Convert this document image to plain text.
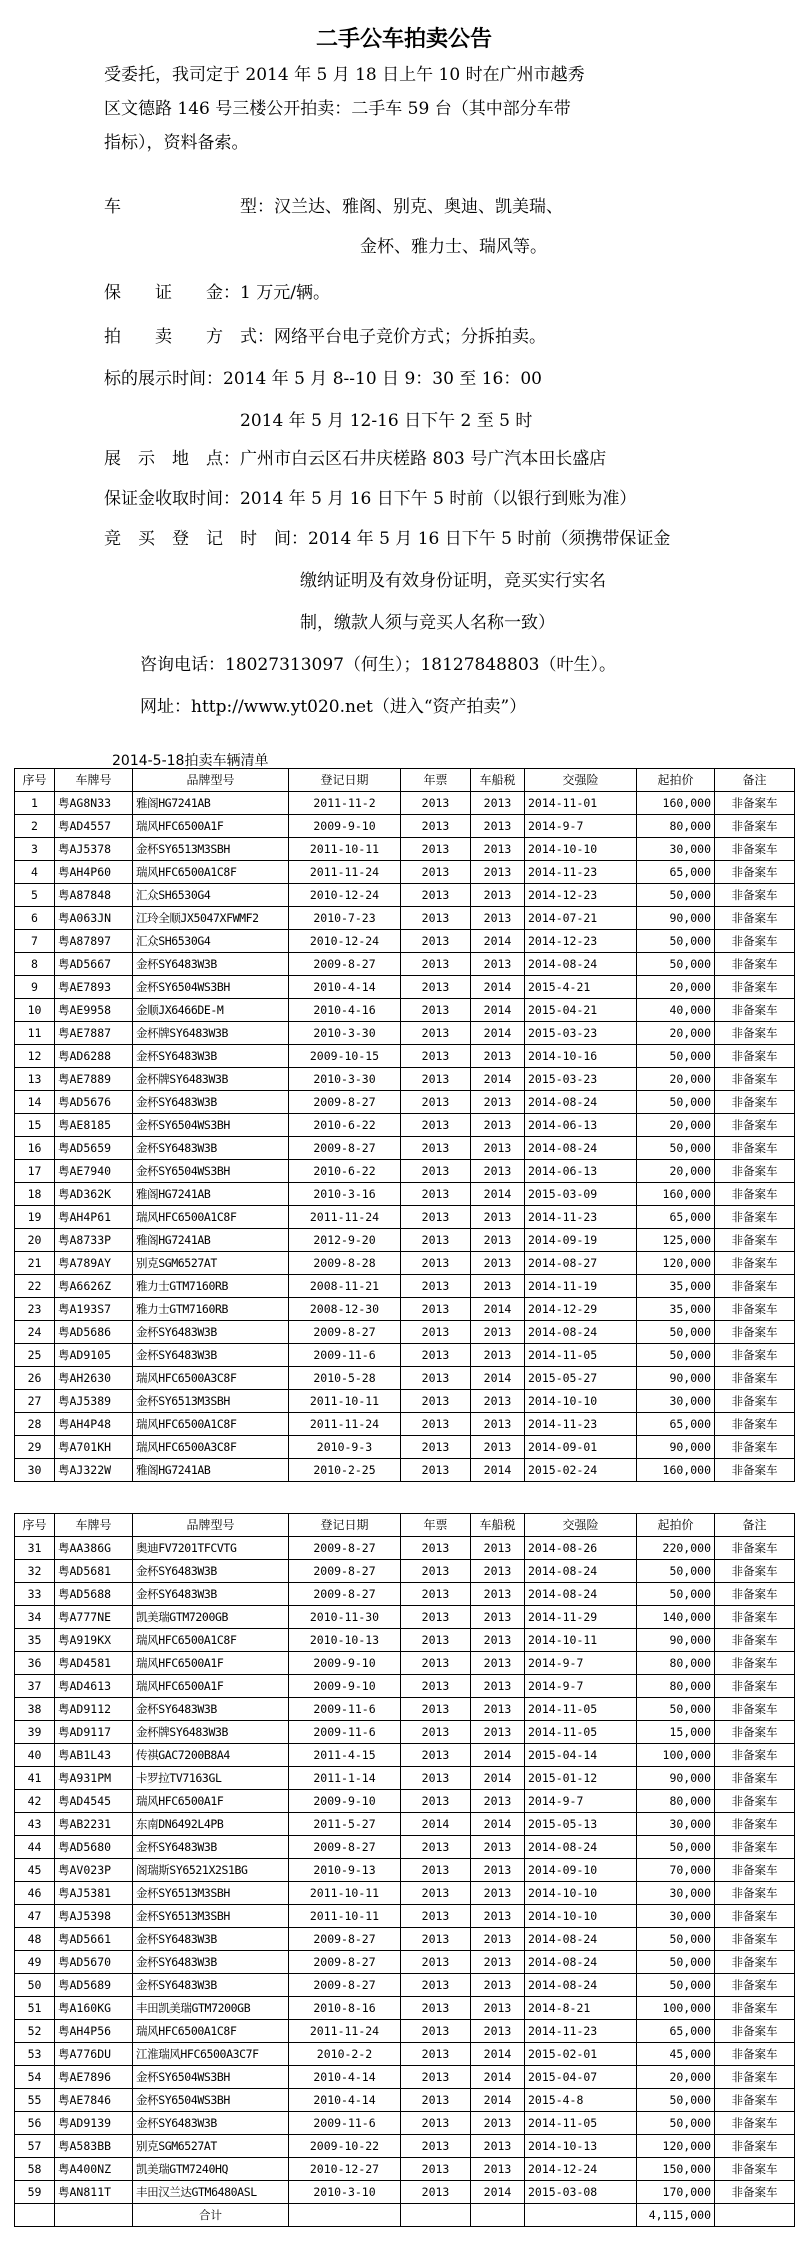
二手公车拍卖公告

受委托，我司定于 2014 年 5 月 18 日上午 10 时在广州市越秀

区文德路 146 号三楼公开拍卖：二手车 59 台（其中部分车带

指标），资料备索。

车　　　　　　　型：汉兰达、雅阁、别克、奥迪、凯美瑞、

金杯、雅力士、瑞风等。

保　　证　　金：1 万元/辆。

拍　　卖　　方　式：网络平台电子竞价方式；分拆拍卖。

标的展示时间：2014 年 5 月 8--10 日 9：30 至 16：00

2014 年 5 月 12-16 日下午 2 至 5 时

展　示　地　点：广州市白云区石井庆槎路 803 号广汽本田长盛店

保证金收取时间：2014 年 5 月 16 日下午 5 时前（以银行到账为准）

竞　买　登　记　时　间：2014 年 5 月 16 日下午 5 时前（须携带保证金

缴纳证明及有效身份证明，竞买实行实名

制，缴款人须与竞买人名称一致）

咨询电话：18027313097（何生）；18127848803（叶生）。

网址：http://www.yt020.net（进入“资产拍卖”）

2014-5-18拍卖车辆清单
序号	车牌号	品牌型号	登记日期	年票	车船税	交强险	起拍价	备注
1	粤AG8N33	雅阁HG7241AB	2011-11-2	2013	2013	2014-11-01	160,000	非备案车
2	粤AD4557	瑞风HFC6500A1F	2009-9-10	2013	2013	2014-9-7	80,000	非备案车
3	粤AJ5378	金杯SY6513M3SBH	2011-10-11	2013	2013	2014-10-10	30,000	非备案车
4	粤AH4P60	瑞风HFC6500A1C8F	2011-11-24	2013	2013	2014-11-23	65,000	非备案车
5	粤A87848	汇众SH6530G4	2010-12-24	2013	2013	2014-12-23	50,000	非备案车
6	粤A063JN	江玲全顺JX5047XFWMF2	2010-7-23	2013	2013	2014-07-21	90,000	非备案车
7	粤A87897	汇众SH6530G4	2010-12-24	2013	2014	2014-12-23	50,000	非备案车
8	粤AD5667	金杯SY6483W3B	2009-8-27	2013	2013	2014-08-24	50,000	非备案车
9	粤AE7893	金杯SY6504WS3BH	2010-4-14	2013	2014	2015-4-21	20,000	非备案车
10	粤AE9958	金顺JX6466DE-M	2010-4-16	2013	2014	2015-04-21	40,000	非备案车
11	粤AE7887	金杯牌SY6483W3B	2010-3-30	2013	2014	2015-03-23	20,000	非备案车
12	粤AD6288	金杯SY6483W3B	2009-10-15	2013	2013	2014-10-16	50,000	非备案车
13	粤AE7889	金杯牌SY6483W3B	2010-3-30	2013	2014	2015-03-23	20,000	非备案车
14	粤AD5676	金杯SY6483W3B	2009-8-27	2013	2013	2014-08-24	50,000	非备案车
15	粤AE8185	金杯SY6504WS3BH	2010-6-22	2013	2013	2014-06-13	20,000	非备案车
16	粤AD5659	金杯SY6483W3B	2009-8-27	2013	2013	2014-08-24	50,000	非备案车
17	粤AE7940	金杯SY6504WS3BH	2010-6-22	2013	2013	2014-06-13	20,000	非备案车
18	粤AD362K	雅阁HG7241AB	2010-3-16	2013	2014	2015-03-09	160,000	非备案车
19	粤AH4P61	瑞风HFC6500A1C8F	2011-11-24	2013	2013	2014-11-23	65,000	非备案车
20	粤A8733P	雅阁HG7241AB	2012-9-20	2013	2013	2014-09-19	125,000	非备案车
21	粤A789AY	别克SGM6527AT	2009-8-28	2013	2013	2014-08-27	120,000	非备案车
22	粤A6626Z	雅力士GTM7160RB	2008-11-21	2013	2013	2014-11-19	35,000	非备案车
23	粤A193S7	雅力士GTM7160RB	2008-12-30	2013	2014	2014-12-29	35,000	非备案车
24	粤AD5686	金杯SY6483W3B	2009-8-27	2013	2013	2014-08-24	50,000	非备案车
25	粤AD9105	金杯SY6483W3B	2009-11-6	2013	2013	2014-11-05	50,000	非备案车
26	粤AH2630	瑞风HFC6500A3C8F	2010-5-28	2013	2014	2015-05-27	90,000	非备案车
27	粤AJ5389	金杯SY6513M3SBH	2011-10-11	2013	2013	2014-10-10	30,000	非备案车
28	粤AH4P48	瑞风HFC6500A1C8F	2011-11-24	2013	2013	2014-11-23	65,000	非备案车
29	粤A701KH	瑞风HFC6500A3C8F	2010-9-3	2013	2013	2014-09-01	90,000	非备案车
30	粤AJ322W	雅阁HG7241AB	2010-2-25	2013	2014	2015-02-24	160,000	非备案车
序号	车牌号	品牌型号	登记日期	年票	车船税	交强险	起拍价	备注
31	粤AA386G	奥迪FV7201TFCVTG	2009-8-27	2013	2013	2014-08-26	220,000	非备案车
32	粤AD5681	金杯SY6483W3B	2009-8-27	2013	2013	2014-08-24	50,000	非备案车
33	粤AD5688	金杯SY6483W3B	2009-8-27	2013	2013	2014-08-24	50,000	非备案车
34	粤A777NE	凯美瑞GTM7200GB	2010-11-30	2013	2013	2014-11-29	140,000	非备案车
35	粤A919KX	瑞风HFC6500A1C8F	2010-10-13	2013	2013	2014-10-11	90,000	非备案车
36	粤AD4581	瑞风HFC6500A1F	2009-9-10	2013	2013	2014-9-7	80,000	非备案车
37	粤AD4613	瑞风HFC6500A1F	2009-9-10	2013	2013	2014-9-7	80,000	非备案车
38	粤AD9112	金杯SY6483W3B	2009-11-6	2013	2013	2014-11-05	50,000	非备案车
39	粤AD9117	金杯牌SY6483W3B	2009-11-6	2013	2013	2014-11-05	15,000	非备案车
40	粤AB1L43	传祺GAC7200B8A4	2011-4-15	2013	2014	2015-04-14	100,000	非备案车
41	粤A931PM	卡罗拉TV7163GL	2011-1-14	2013	2014	2015-01-12	90,000	非备案车
42	粤AD4545	瑞风HFC6500A1F	2009-9-10	2013	2013	2014-9-7	80,000	非备案车
43	粤AB2231	东南DN6492L4PB	2011-5-27	2014	2014	2015-05-13	30,000	非备案车
44	粤AD5680	金杯SY6483W3B	2009-8-27	2013	2013	2014-08-24	50,000	非备案车
45	粤AV023P	阁瑞斯SY6521X2S1BG	2010-9-13	2013	2013	2014-09-10	70,000	非备案车
46	粤AJ5381	金杯SY6513M3SBH	2011-10-11	2013	2013	2014-10-10	30,000	非备案车
47	粤AJ5398	金杯SY6513M3SBH	2011-10-11	2013	2013	2014-10-10	30,000	非备案车
48	粤AD5661	金杯SY6483W3B	2009-8-27	2013	2013	2014-08-24	50,000	非备案车
49	粤AD5670	金杯SY6483W3B	2009-8-27	2013	2013	2014-08-24	50,000	非备案车
50	粤AD5689	金杯SY6483W3B	2009-8-27	2013	2013	2014-08-24	50,000	非备案车
51	粤A160KG	丰田凯美瑞GTM7200GB	2010-8-16	2013	2013	2014-8-21	100,000	非备案车
52	粤AH4P56	瑞风HFC6500A1C8F	2011-11-24	2013	2013	2014-11-23	65,000	非备案车
53	粤A776DU	江淮瑞风HFC6500A3C7F	2010-2-2	2013	2014	2015-02-01	45,000	非备案车
54	粤AE7896	金杯SY6504WS3BH	2010-4-14	2013	2014	2015-04-07	20,000	非备案车
55	粤AE7846	金杯SY6504WS3BH	2010-4-14	2013	2014	2015-4-8	50,000	非备案车
56	粤AD9139	金杯SY6483W3B	2009-11-6	2013	2013	2014-11-05	50,000	非备案车
57	粤A583BB	别克SGM6527AT	2009-10-22	2013	2013	2014-10-13	120,000	非备案车
58	粤A400NZ	凯美瑞GTM7240HQ	2010-12-27	2013	2013	2014-12-24	150,000	非备案车
59	粤AN811T	丰田汉兰达GTM6480ASL	2010-3-10	2013	2014	2015-03-08	170,000	非备案车
		合计					4,115,000	
